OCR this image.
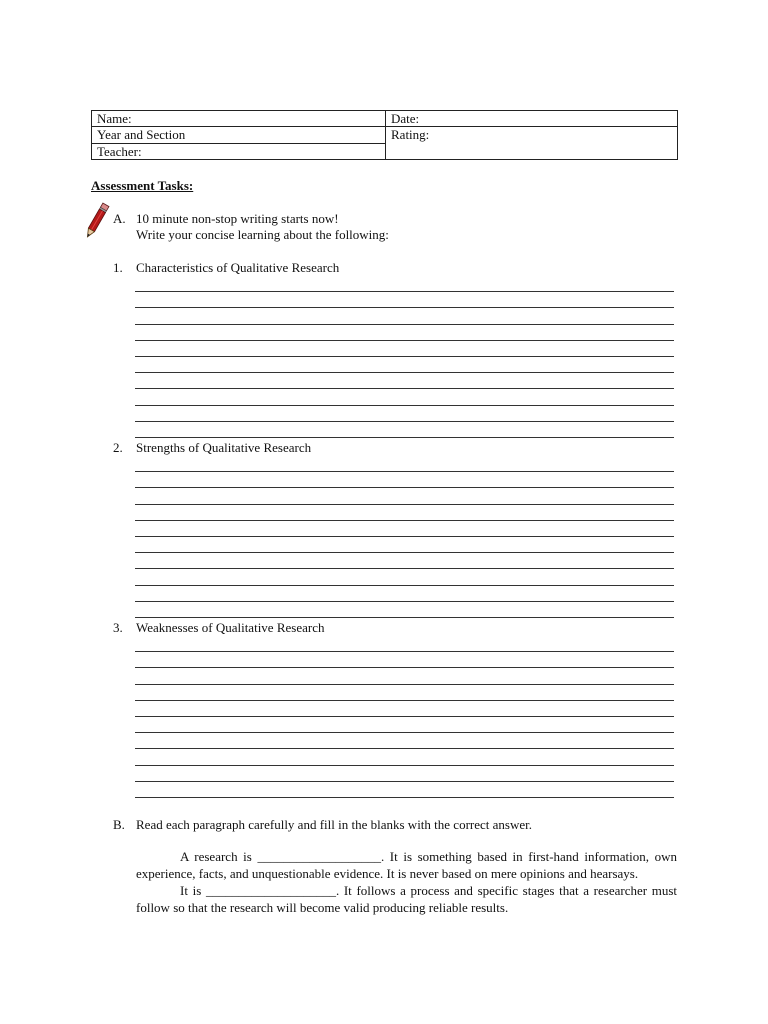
Name:
Year and Section
Teacher:
Date:
Rating:
Assessment Tasks:
A. 10 minute non-stop writing starts now!
Write your concise learning about the following:
1. Characteristics of Qualitative Research
2. Strengths of Qualitative Research
3. Weaknesses of Qualitative Research
B. Read each paragraph carefully and fill in the blanks with the correct answer.

A research is ___________________. It is something based in first-hand information, own experience, facts, and unquestionable evidence. It is never based on mere opinions and hearsays.

It is ____________________. It follows a process and specific stages that a researcher must follow so that the research will become valid producing reliable results.
